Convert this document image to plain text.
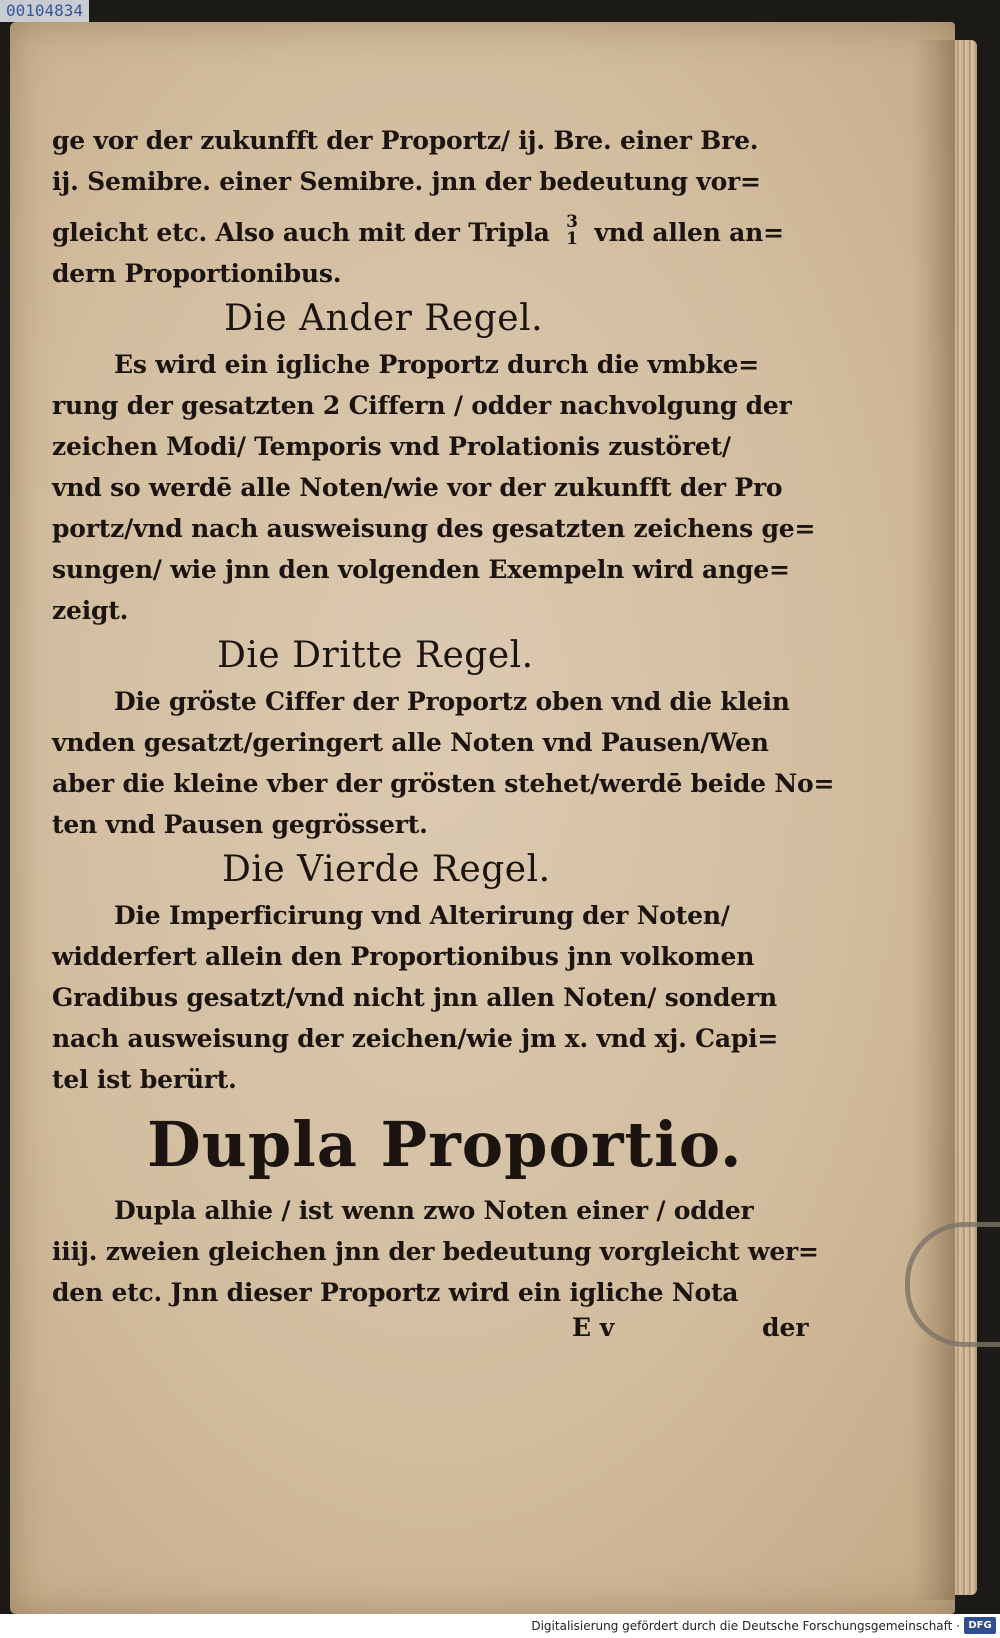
00104834
ge vor der zukunfft der Proportz/ ij. Bre. einer Bre.
ij. Semibre. einer Semibre. jnn der bedeutung vor=
gleicht etc. Also auch mit der Tripla 3
1 vnd allen an=
dern Proportionibus.
Die Ander Regel.
Es wird ein igliche Proportz durch die vmbke=
rung der gesatzten 2 Ciffern / odder nachvolgung der
zeichen Modi/ Temporis vnd Prolationis zustöret/
vnd so werdē alle Noten/wie vor der zukunfft der Pro
portz/vnd nach ausweisung des gesatzten zeichens ge=
sungen/ wie jnn den volgenden Exempeln wird ange=
zeigt.
Die Dritte Regel.
Die gröste Ciffer der Proportz oben vnd die klein
vnden gesatzt/geringert alle Noten vnd Pausen/Wen
aber die kleine vber der grösten stehet/werdē beide No=
ten vnd Pausen gegrössert.
Die Vierde Regel.
Die Imperficirung vnd Alterirung der Noten/
widderfert allein den Proportionibus jnn volkomen
Gradibus gesatzt/vnd nicht jnn allen Noten/ sondern
nach ausweisung der zeichen/wie jm x. vnd xj. Capi=
tel ist berürt.
Dupla Proportio.
Dupla alhie / ist wenn zwo Noten einer / odder
iiij. zweien gleichen jnn der bedeutung vorgleicht wer=
den etc. Jnn dieser Proportz wird ein igliche Nota
E v	der
Digitalisierung gefördert durch die Deutsche Forschungsgemeinschaft · DFG
